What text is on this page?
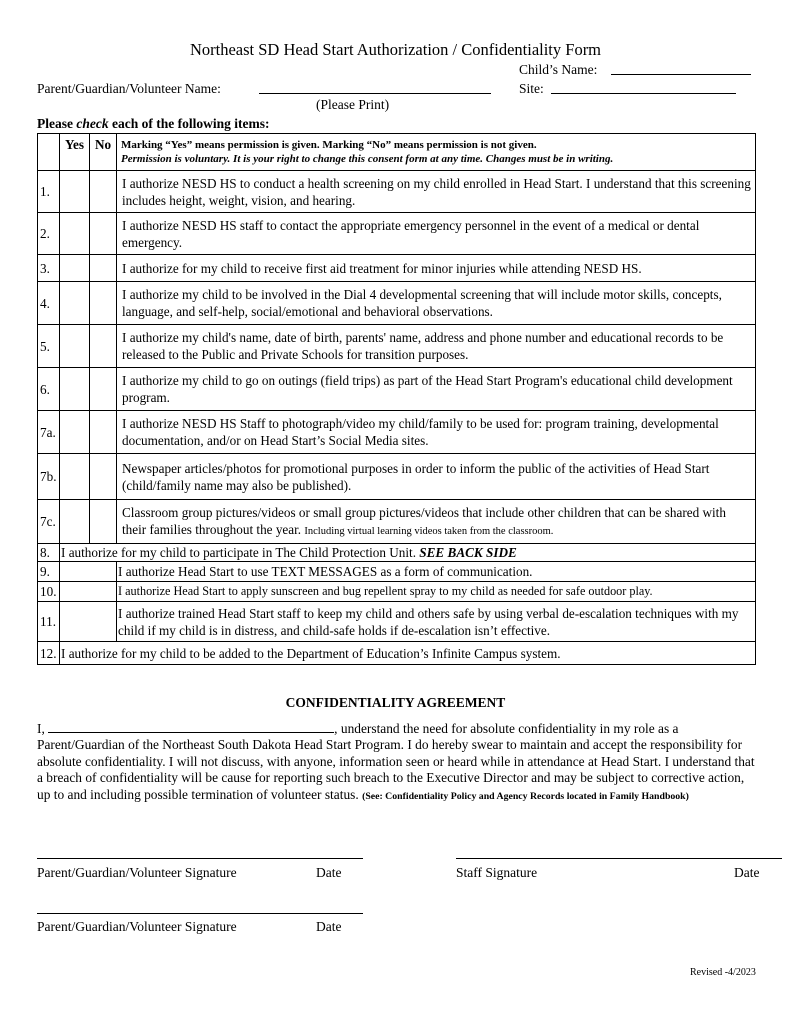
Northeast SD Head Start Authorization / Confidentiality Form
Child’s Name:
Parent/Guardian/Volunteer Name:	Site:
(Please Print)
Please check each of the following items:
	Yes	No	Marking “Yes” means permission is given. Marking “No” means permission is not given.
Permission is voluntary. It is your right to change this consent form at any time. Changes must be in writing.

1.			I authorize NESD HS to conduct a health screening on my child enrolled in Head Start. I understand that this screening includes height, weight, vision, and hearing.
2.			I authorize NESD HS staff to contact the appropriate emergency personnel in the event of a medical or dental emergency.
3.			I authorize for my child to receive first aid treatment for minor injuries while attending NESD HS.
4.			I authorize my child to be involved in the Dial 4 developmental screening that will include motor skills, concepts, language, and self-help, social/emotional and behavioral observations.
5.			I authorize my child's name, date of birth, parents' name, address and phone number and educational records to be released to the Public and Private Schools for transition purposes.
6.			I authorize my child to go on outings (field trips) as part of the Head Start Program's educational child development program.
7a.			I authorize NESD HS Staff to photograph/video my child/family to be used for: program training, developmental documentation, and/or on Head Start’s Social Media sites.
7b.			Newspaper articles/photos for promotional purposes in order to inform the public of the activities of Head Start (child/family name may also be published).
7c.			Classroom group pictures/videos or small group pictures/videos that include other children that can be shared with their families throughout the year. Including virtual learning videos taken from the classroom.
8.	I authorize for my child to participate in The Child Protection Unit. SEE BACK SIDE		
9.			I authorize Head Start to use TEXT MESSAGES as a form of communication.
10.			I authorize Head Start to apply sunscreen and bug repellent spray to my child as needed for safe outdoor play.
11.			I authorize trained Head Start staff to keep my child and others safe by using verbal de-escalation techniques with my child if my child is in distress, and child-safe holds if de-escalation isn’t effective.
12.	I authorize for my child to be added to the Department of Education’s Infinite Campus system.		
CONFIDENTIALITY AGREEMENT
I,	, understand the need for absolute confidentiality in my role as a Parent/Guardian of the Northeast South Dakota Head Start Program. I do hereby swear to maintain and accept the responsibility for absolute confidentiality. I will not discuss, with anyone, information seen or heard while in attendance at Head Start. I understand that a breach of confidentiality will be cause for reporting such breach to the Executive Director and may be subject to corrective action, up to and including possible termination of volunteer status. (See: Confidentiality Policy and Agency Records located in Family Handbook)
Parent/Guardian/Volunteer Signature	Date	Staff Signature	Date
Parent/Guardian/Volunteer Signature	Date
Revised -4/2023
